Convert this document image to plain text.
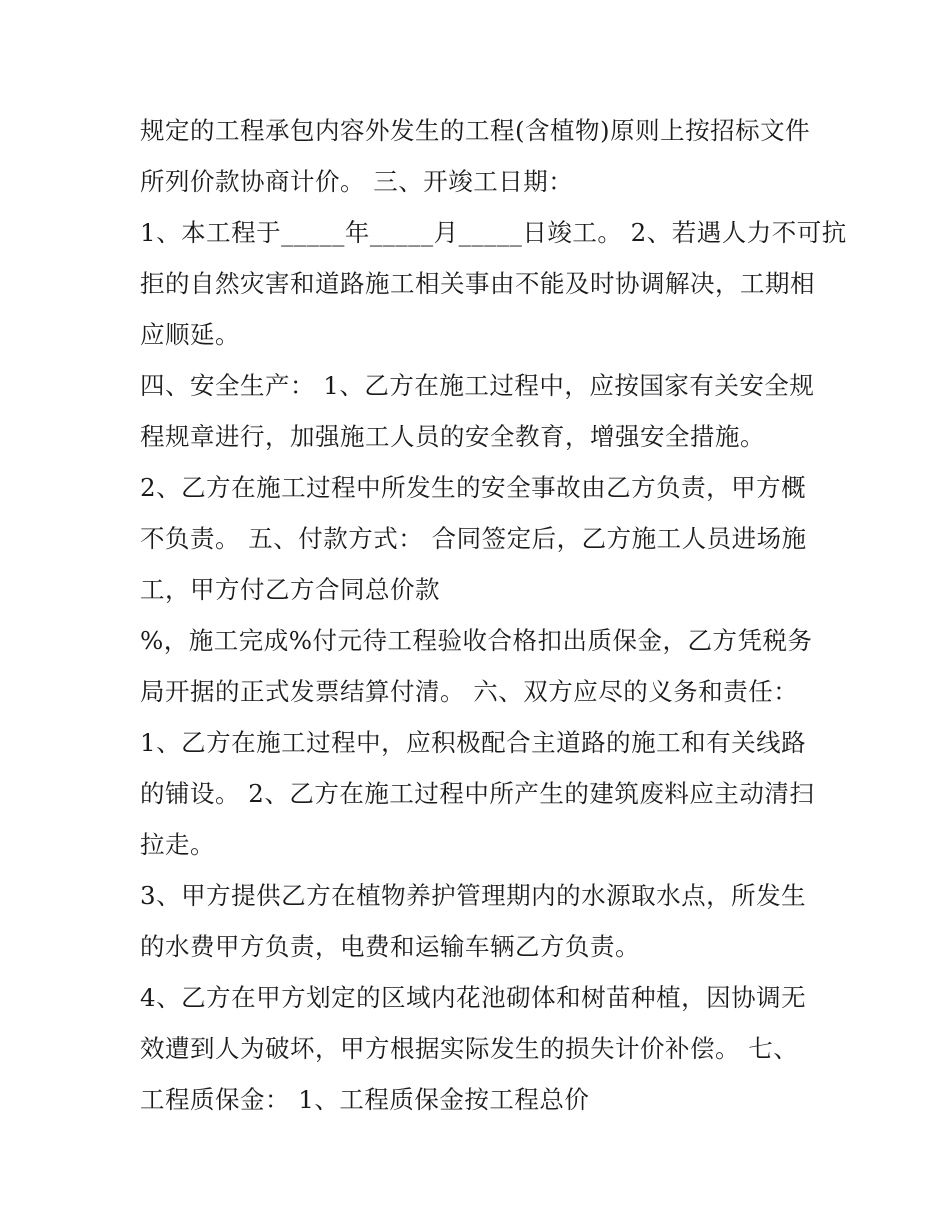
规定的工程承包内容外发生的工程(含植物)原则上按招标文件
所列价款协商计价。 三、开竣工日期：
1、本工程于_____年_____月_____日竣工。 2、若遇人力不可抗
拒的自然灾害和道路施工相关事由不能及时协调解决，工期相
应顺延。
四、安全生产： 1、乙方在施工过程中，应按国家有关安全规
程规章进行，加强施工人员的安全教育，增强安全措施。
2、乙方在施工过程中所发生的安全事故由乙方负责，甲方概
不负责。 五、付款方式： 合同签定后，乙方施工人员进场施
工，甲方付乙方合同总价款
%，施工完成%付元待工程验收合格扣出质保金，乙方凭税务
局开据的正式发票结算付清。 六、双方应尽的义务和责任：
1、乙方在施工过程中，应积极配合主道路的施工和有关线路
的铺设。 2、乙方在施工过程中所产生的建筑废料应主动清扫
拉走。
3、甲方提供乙方在植物养护管理期内的水源取水点，所发生
的水费甲方负责，电费和运输车辆乙方负责。
4、乙方在甲方划定的区域内花池砌体和树苗种植，因协调无
效遭到人为破坏，甲方根据实际发生的损失计价补偿。 七、
工程质保金： 1、工程质保金按工程总价
